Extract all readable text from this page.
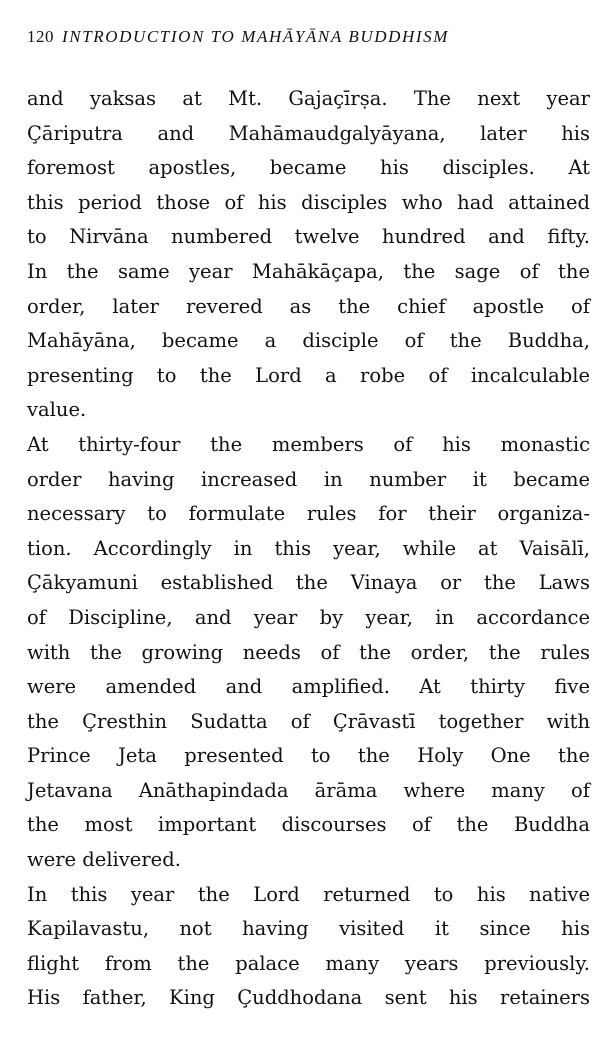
120 INTRODUCTION TO MAHĀYĀNA BUDDHISM
and yaksas at Mt. Gajaçīrṣa. The next year
Çāriputra and Mahāmaudgalyāyana, later his
foremost apostles, became his disciples. At
this period those of his disciples who had attained
to Nirvāna numbered twelve hundred and fifty.
In the same year Mahākāçapa, the sage of the
order, later revered as the chief apostle of
Mahāyāna, became a disciple of the Buddha,
presenting to the Lord a robe of incalculable
value.
At thirty-four the members of his monastic
order having increased in number it became
necessary to formulate rules for their organiza-
tion. Accordingly in this year, while at Vaisālī,
Çākyamuni established the Vinaya or the Laws
of Discipline, and year by year, in accordance
with the growing needs of the order, the rules
were amended and amplified. At thirty five
the Çresthin Sudatta of Çrāvastī together with
Prince Jeta presented to the Holy One the
Jetavana Anāthapindada ārāma where many of
the most important discourses of the Buddha
were delivered.
In this year the Lord returned to his native
Kapilavastu, not having visited it since his
flight from the palace many years previously.
His father, King Çuddhodana sent his retainers
